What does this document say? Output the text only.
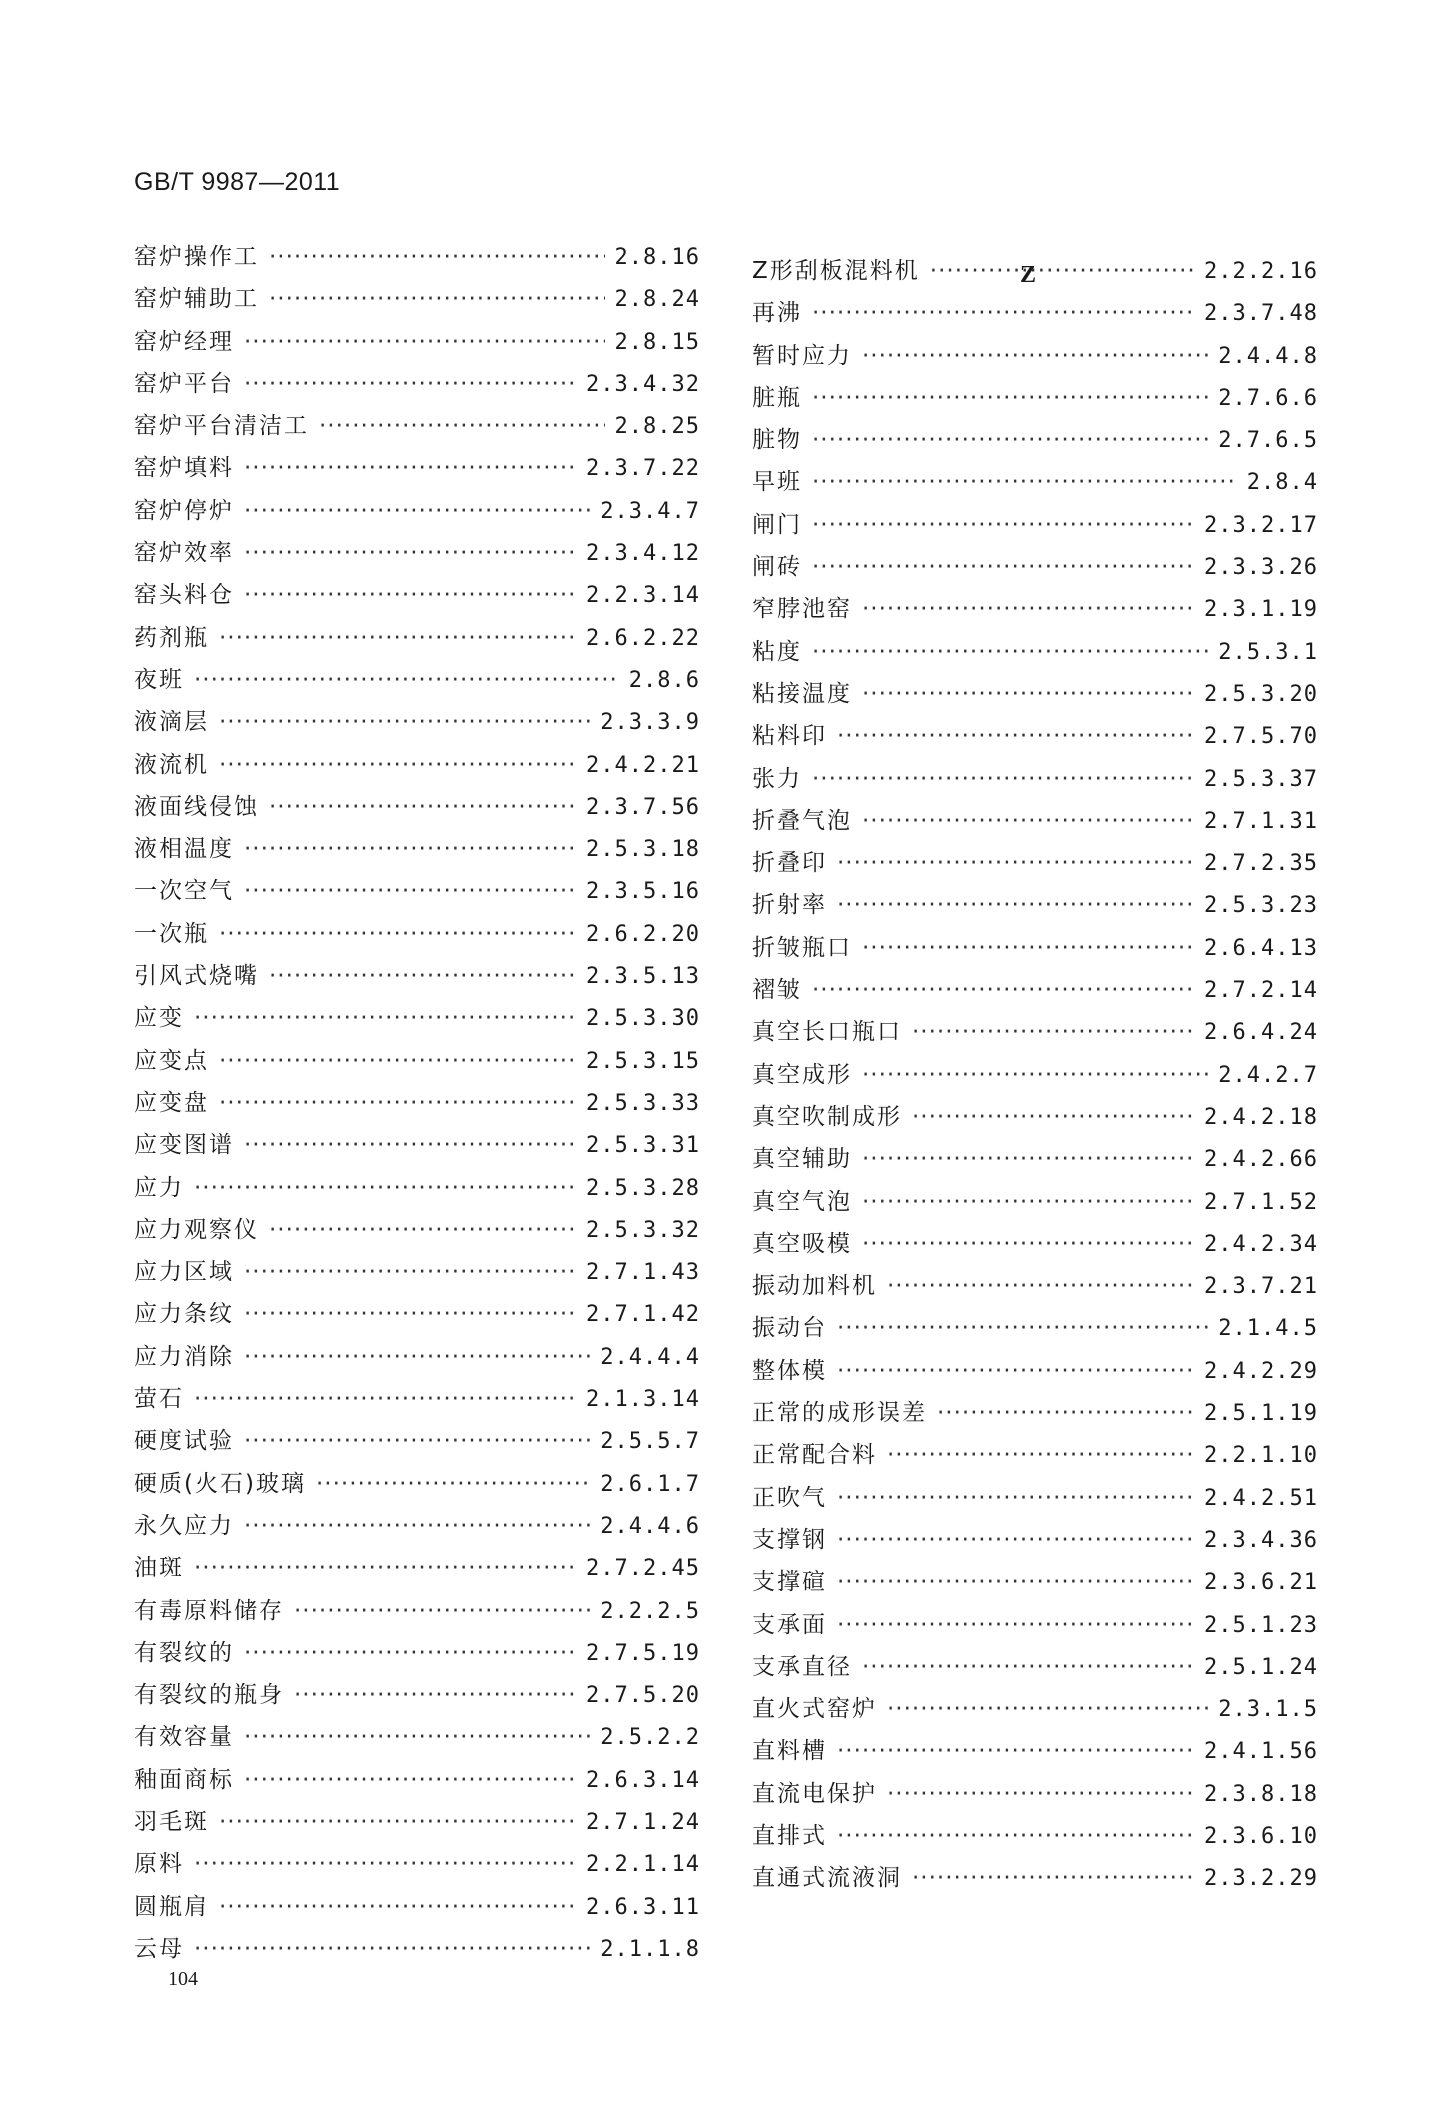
GB/T 9987—2011
Z
窑炉操作工 ·····	2.8.16
窑炉辅助工 ·····	2.8.24
窑炉经理 ·····	2.8.15
窑炉平台 ·····	2.3.4.32
窑炉平台清洁工 ·····	2.8.25
窑炉填料 ·····	2.3.7.22
窑炉停炉 ·····	2.3.4.7
窑炉效率 ·····	2.3.4.12
窑头料仓 ·····	2.2.3.14
药剂瓶 ·····	2.6.2.22
夜班 ·····	2.8.6
液滴层 ·····	2.3.3.9
液流机 ·····	2.4.2.21
液面线侵蚀 ·····	2.3.7.56
液相温度 ·····	2.5.3.18
一次空气 ·····	2.3.5.16
一次瓶 ·····	2.6.2.20
引风式烧嘴 ·····	2.3.5.13
应变 ·····	2.5.3.30
应变点 ·····	2.5.3.15
应变盘 ·····	2.5.3.33
应变图谱 ·····	2.5.3.31
应力 ·····	2.5.3.28
应力观察仪 ·····	2.5.3.32
应力区域 ·····	2.7.1.43
应力条纹 ·····	2.7.1.42
应力消除 ·····	2.4.4.4
萤石 ·····	2.1.3.14
硬度试验 ·····	2.5.5.7
硬质(火石)玻璃 ·····	2.6.1.7
永久应力 ·····	2.4.4.6
油斑 ·····	2.7.2.45
有毒原料储存 ·····	2.2.2.5
有裂纹的 ·····	2.7.5.19
有裂纹的瓶身 ·····	2.7.5.20
有效容量 ·····	2.5.2.2
釉面商标 ·····	2.6.3.14
羽毛斑 ·····	2.7.1.24
原料 ·····	2.2.1.14
圆瓶肩 ·····	2.6.3.11
云母 ·····	2.1.1.8
Z形刮板混料机 ·····	2.2.2.16
再沸 ·····	2.3.7.48
暂时应力 ·····	2.4.4.8
脏瓶 ·····	2.7.6.6
脏物 ·····	2.7.6.5
早班 ·····	2.8.4
闸门 ·····	2.3.2.17
闸砖 ·····	2.3.3.26
窄脖池窑 ·····	2.3.1.19
粘度 ·····	2.5.3.1
粘接温度 ·····	2.5.3.20
粘料印 ·····	2.7.5.70
张力 ·····	2.5.3.37
折叠气泡 ·····	2.7.1.31
折叠印 ·····	2.7.2.35
折射率 ·····	2.5.3.23
折皱瓶口 ·····	2.6.4.13
褶皱 ·····	2.7.2.14
真空长口瓶口 ·····	2.6.4.24
真空成形 ·····	2.4.2.7
真空吹制成形 ·····	2.4.2.18
真空辅助 ·····	2.4.2.66
真空气泡 ·····	2.7.1.52
真空吸模 ·····	2.4.2.34
振动加料机 ·····	2.3.7.21
振动台 ·····	2.1.4.5
整体模 ·····	2.4.2.29
正常的成形误差 ·····	2.5.1.19
正常配合料 ·····	2.2.1.10
正吹气 ·····	2.4.2.51
支撑钢 ·····	2.3.4.36
支撑碹 ·····	2.3.6.21
支承面 ·····	2.5.1.23
支承直径 ·····	2.5.1.24
直火式窑炉 ·····	2.3.1.5
直料槽 ·····	2.4.1.56
直流电保护 ·····	2.3.8.18
直排式 ·····	2.3.6.10
直通式流液洞 ·····	2.3.2.29
104
